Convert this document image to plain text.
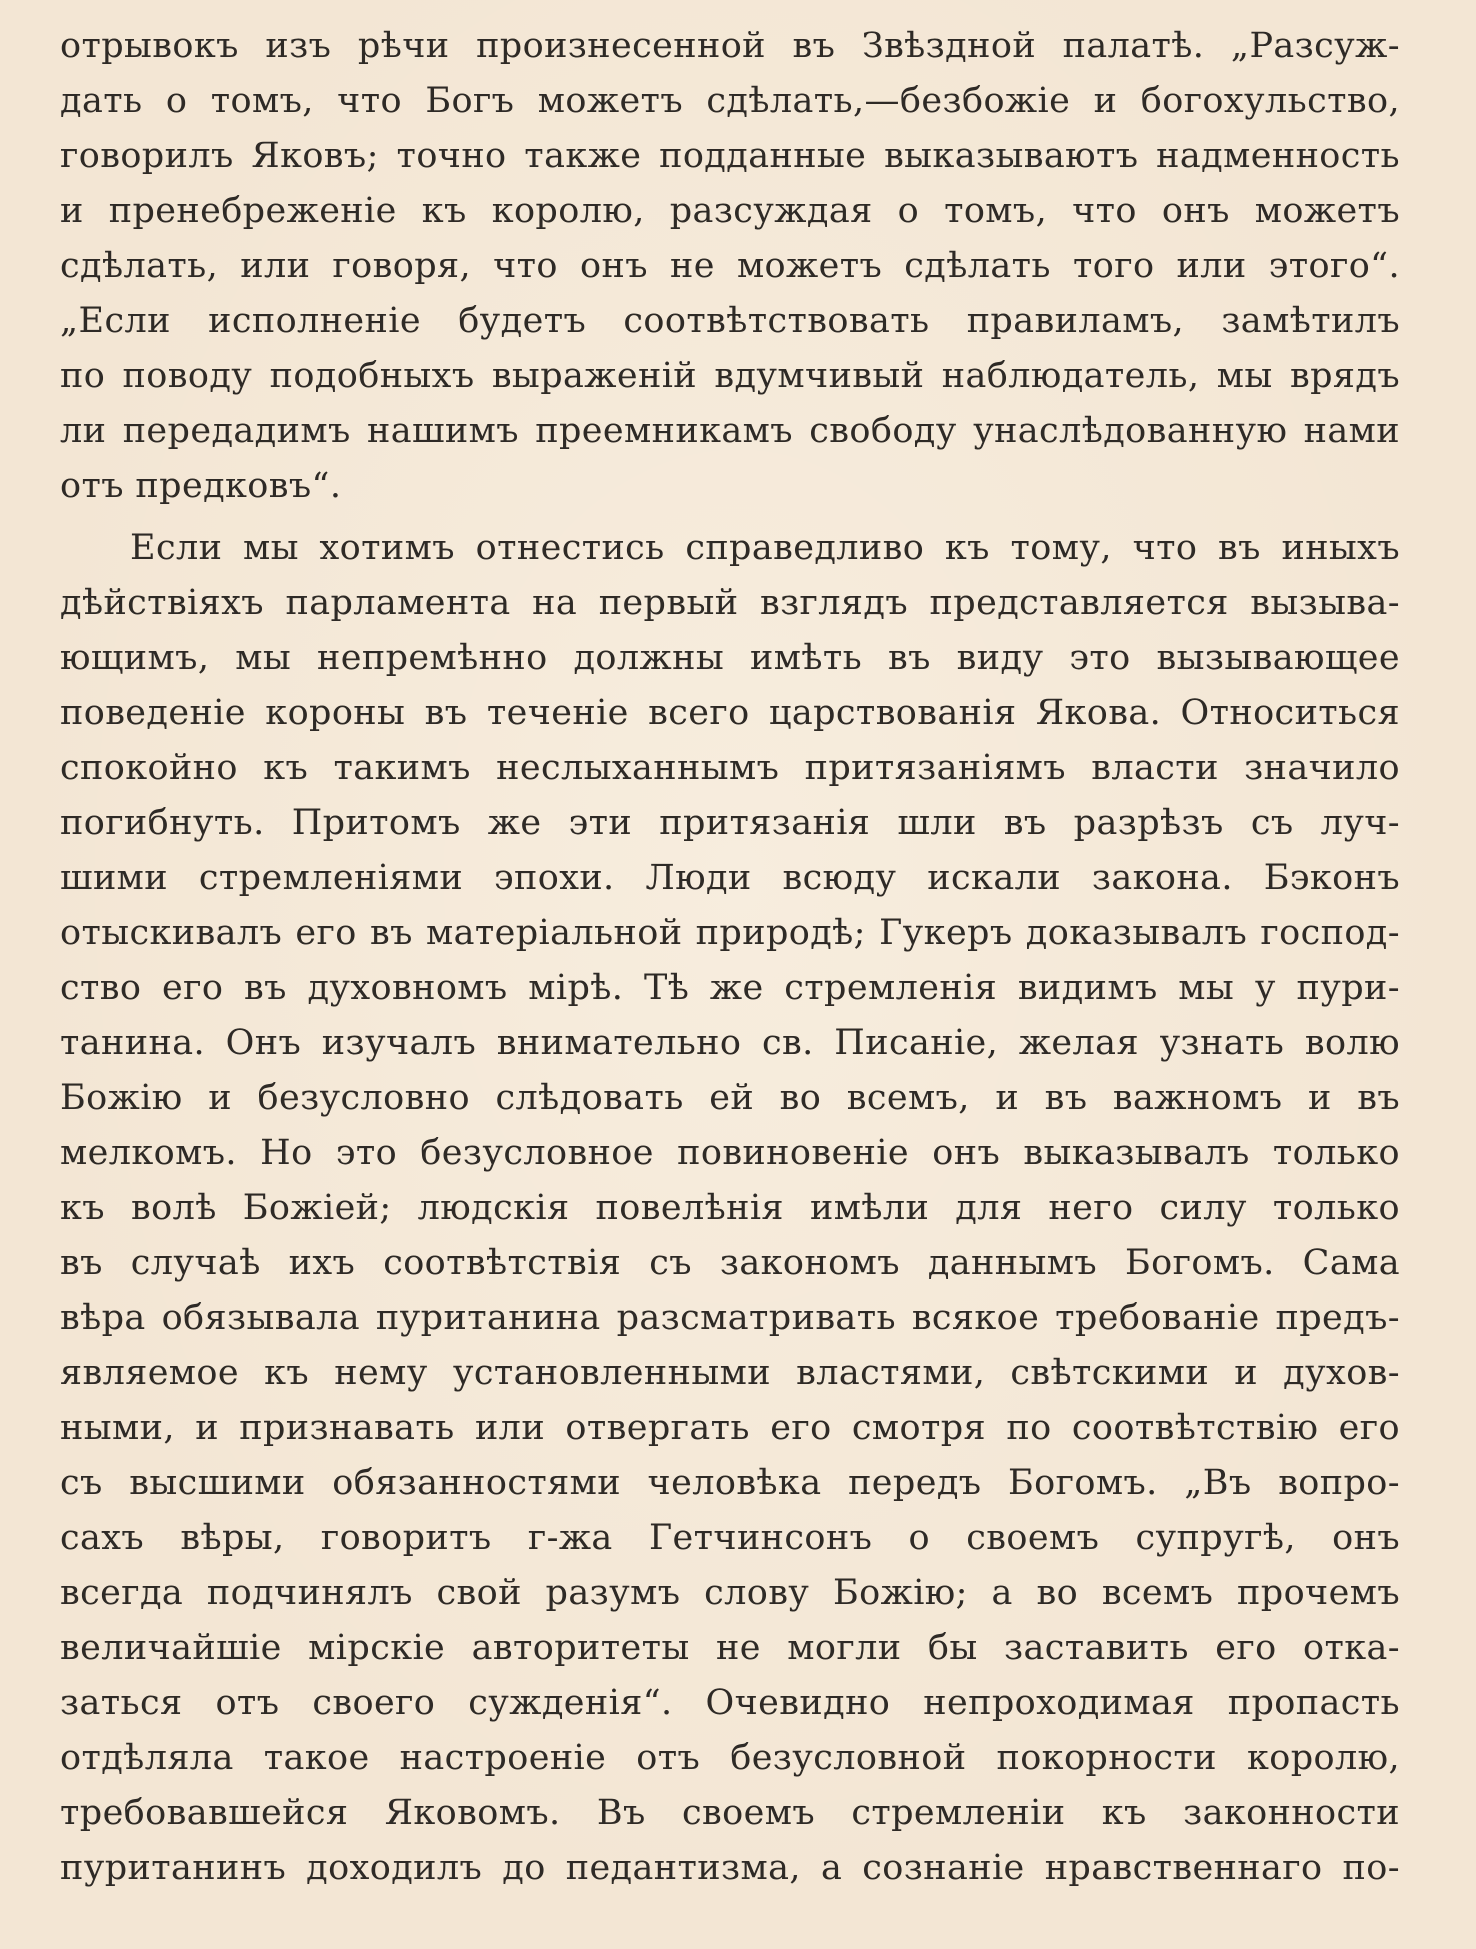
отрывокъ изъ рѣчи произнесенной въ Звѣздной палатѣ. „Разсуж-
дать о томъ, что Богъ можетъ сдѣлать,—безбожіе и богохульство,
говорилъ Яковъ; точно также подданные выказываютъ надменность
и пренебреженіе къ королю, разсуждая о томъ, что онъ можетъ
сдѣлать, или говоря, что онъ не можетъ сдѣлать того или этого“.
„Если исполненіе будетъ соотвѣтствовать правиламъ, замѣтилъ
по поводу подобныхъ выраженій вдумчивый наблюдатель, мы врядъ
ли передадимъ нашимъ преемникамъ свободу унаслѣдованную нами
отъ предковъ“.
Если мы хотимъ отнестись справедливо къ тому, что въ иныхъ
дѣйствіяхъ парламента на первый взглядъ представляется вызыва-
ющимъ, мы непремѣнно должны имѣть въ виду это вызывающее
поведеніе короны въ теченіе всего царствованія Якова. Относиться
спокойно къ такимъ неслыханнымъ притязаніямъ власти значило
погибнуть. Притомъ же эти притязанія шли въ разрѣзъ съ луч-
шими стремленіями эпохи. Люди всюду искали закона. Бэконъ
отыскивалъ его въ матеріальной природѣ; Гукеръ доказывалъ господ-
ство его въ духовномъ мірѣ. Тѣ же стремленія видимъ мы у пури-
танина. Онъ изучалъ внимательно св. Писаніе, желая узнать волю
Божію и безусловно слѣдовать ей во всемъ, и въ важномъ и въ
мелкомъ. Но это безусловное повиновеніе онъ выказывалъ только
къ волѣ Божіей; людскія повелѣнія имѣли для него силу только
въ случаѣ ихъ соотвѣтствія съ закономъ даннымъ Богомъ. Сама
вѣра обязывала пуританина разсматривать всякое требованіе предъ-
являемое къ нему установленными властями, свѣтскими и духов-
ными, и признавать или отвергать его смотря по соотвѣтствію его
съ высшими обязанностями человѣка передъ Богомъ. „Въ вопро-
сахъ вѣры, говоритъ г-жа Гетчинсонъ о своемъ супругѣ, онъ
всегда подчинялъ свой разумъ слову Божію; а во всемъ прочемъ
величайшіе мірскіе авторитеты не могли бы заставить его отка-
заться отъ своего сужденія“. Очевидно непроходимая пропасть
отдѣляла такое настроеніе отъ безусловной покорности королю,
требовавшейся Яковомъ. Въ своемъ стремленіи къ законности
пуританинъ доходилъ до педантизма, а сознаніе нравственнаго по-
